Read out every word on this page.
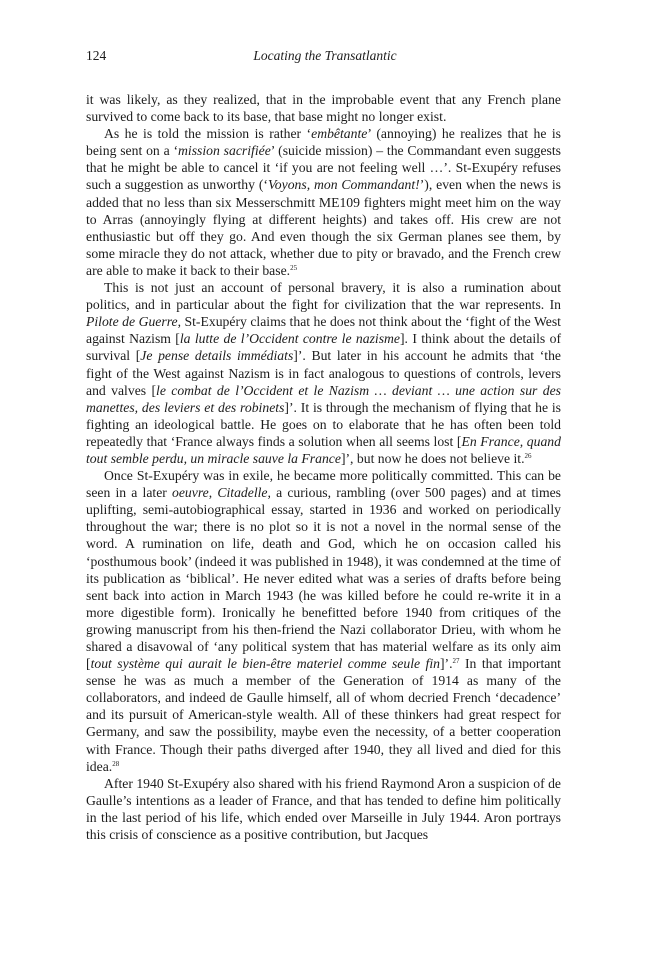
124	Locating the Transatlantic

it was likely, as they realized, that in the improbable event that any French plane survived to come back to its base, that base might no longer exist.

As he is told the mission is rather ‘embêtante’ (annoying) he realizes that he is being sent on a ‘mission sacrifiée’ (suicide mission) – the Commandant even suggests that he might be able to cancel it ‘if you are not feeling well …’. St-Exupéry refuses such a suggestion as unworthy (‘Voyons, mon Commandant!’), even when the news is added that no less than six Messerschmitt ME109 fighters might meet him on the way to Arras (annoyingly flying at different heights) and takes off. His crew are not enthusiastic but off they go. And even though the six German planes see them, by some miracle they do not attack, whether due to pity or bravado, and the French crew are able to make it back to their base.$^{25}$

This is not just an account of personal bravery, it is also a rumination about politics, and in particular about the fight for civilization that the war represents. In Pilote de Guerre, St-Exupéry claims that he does not think about the ‘fight of the West against Nazism [la lutte de l’Occident contre le nazisme]. I think about the details of survival [Je pense details immédiats]’. But later in his account he admits that ‘the fight of the West against Nazism is in fact analogous to questions of controls, levers and valves [le combat de l’Occident et le Nazism … deviant … une action sur des manettes, des leviers et des robinets]’. It is through the mechanism of flying that he is fighting an ideological battle. He goes on to elaborate that he has often been told repeatedly that ‘France always finds a solution when all seems lost [En France, quand tout semble perdu, un miracle sauve la France]’, but now he does not believe it.$^{26}$

Once St-Exupéry was in exile, he became more politically committed. This can be seen in a later oeuvre, Citadelle, a curious, rambling (over 500 pages) and at times uplifting, semi-autobiographical essay, started in 1936 and worked on periodically throughout the war; there is no plot so it is not a novel in the normal sense of the word. A rumination on life, death and God, which he on occasion called his ‘posthumous book’ (indeed it was published in 1948), it was condemned at the time of its publication as ‘biblical’. He never edited what was a series of drafts before being sent back into action in March 1943 (he was killed before he could re-write it in a more digestible form). Ironically he benefitted before 1940 from critiques of the growing manuscript from his then-friend the Nazi collaborator Drieu, with whom he shared a disavowal of ‘any political system that has material welfare as its only aim [tout système qui aurait le bien-être materiel comme seule fin]’.$^{27}$ In that important sense he was as much a member of the Generation of 1914 as many of the collaborators, and indeed de Gaulle himself, all of whom decried French ‘decadence’ and its pursuit of American-style wealth. All of these thinkers had great respect for Germany, and saw the possibility, maybe even the necessity, of a better cooperation with France. Though their paths diverged after 1940, they all lived and died for this idea.$^{28}$

After 1940 St-Exupéry also shared with his friend Raymond Aron a suspicion of de Gaulle’s intentions as a leader of France, and that has tended to define him politically in the last period of his life, which ended over Marseille in July 1944. Aron portrays this crisis of conscience as a positive contribution, but Jacques
